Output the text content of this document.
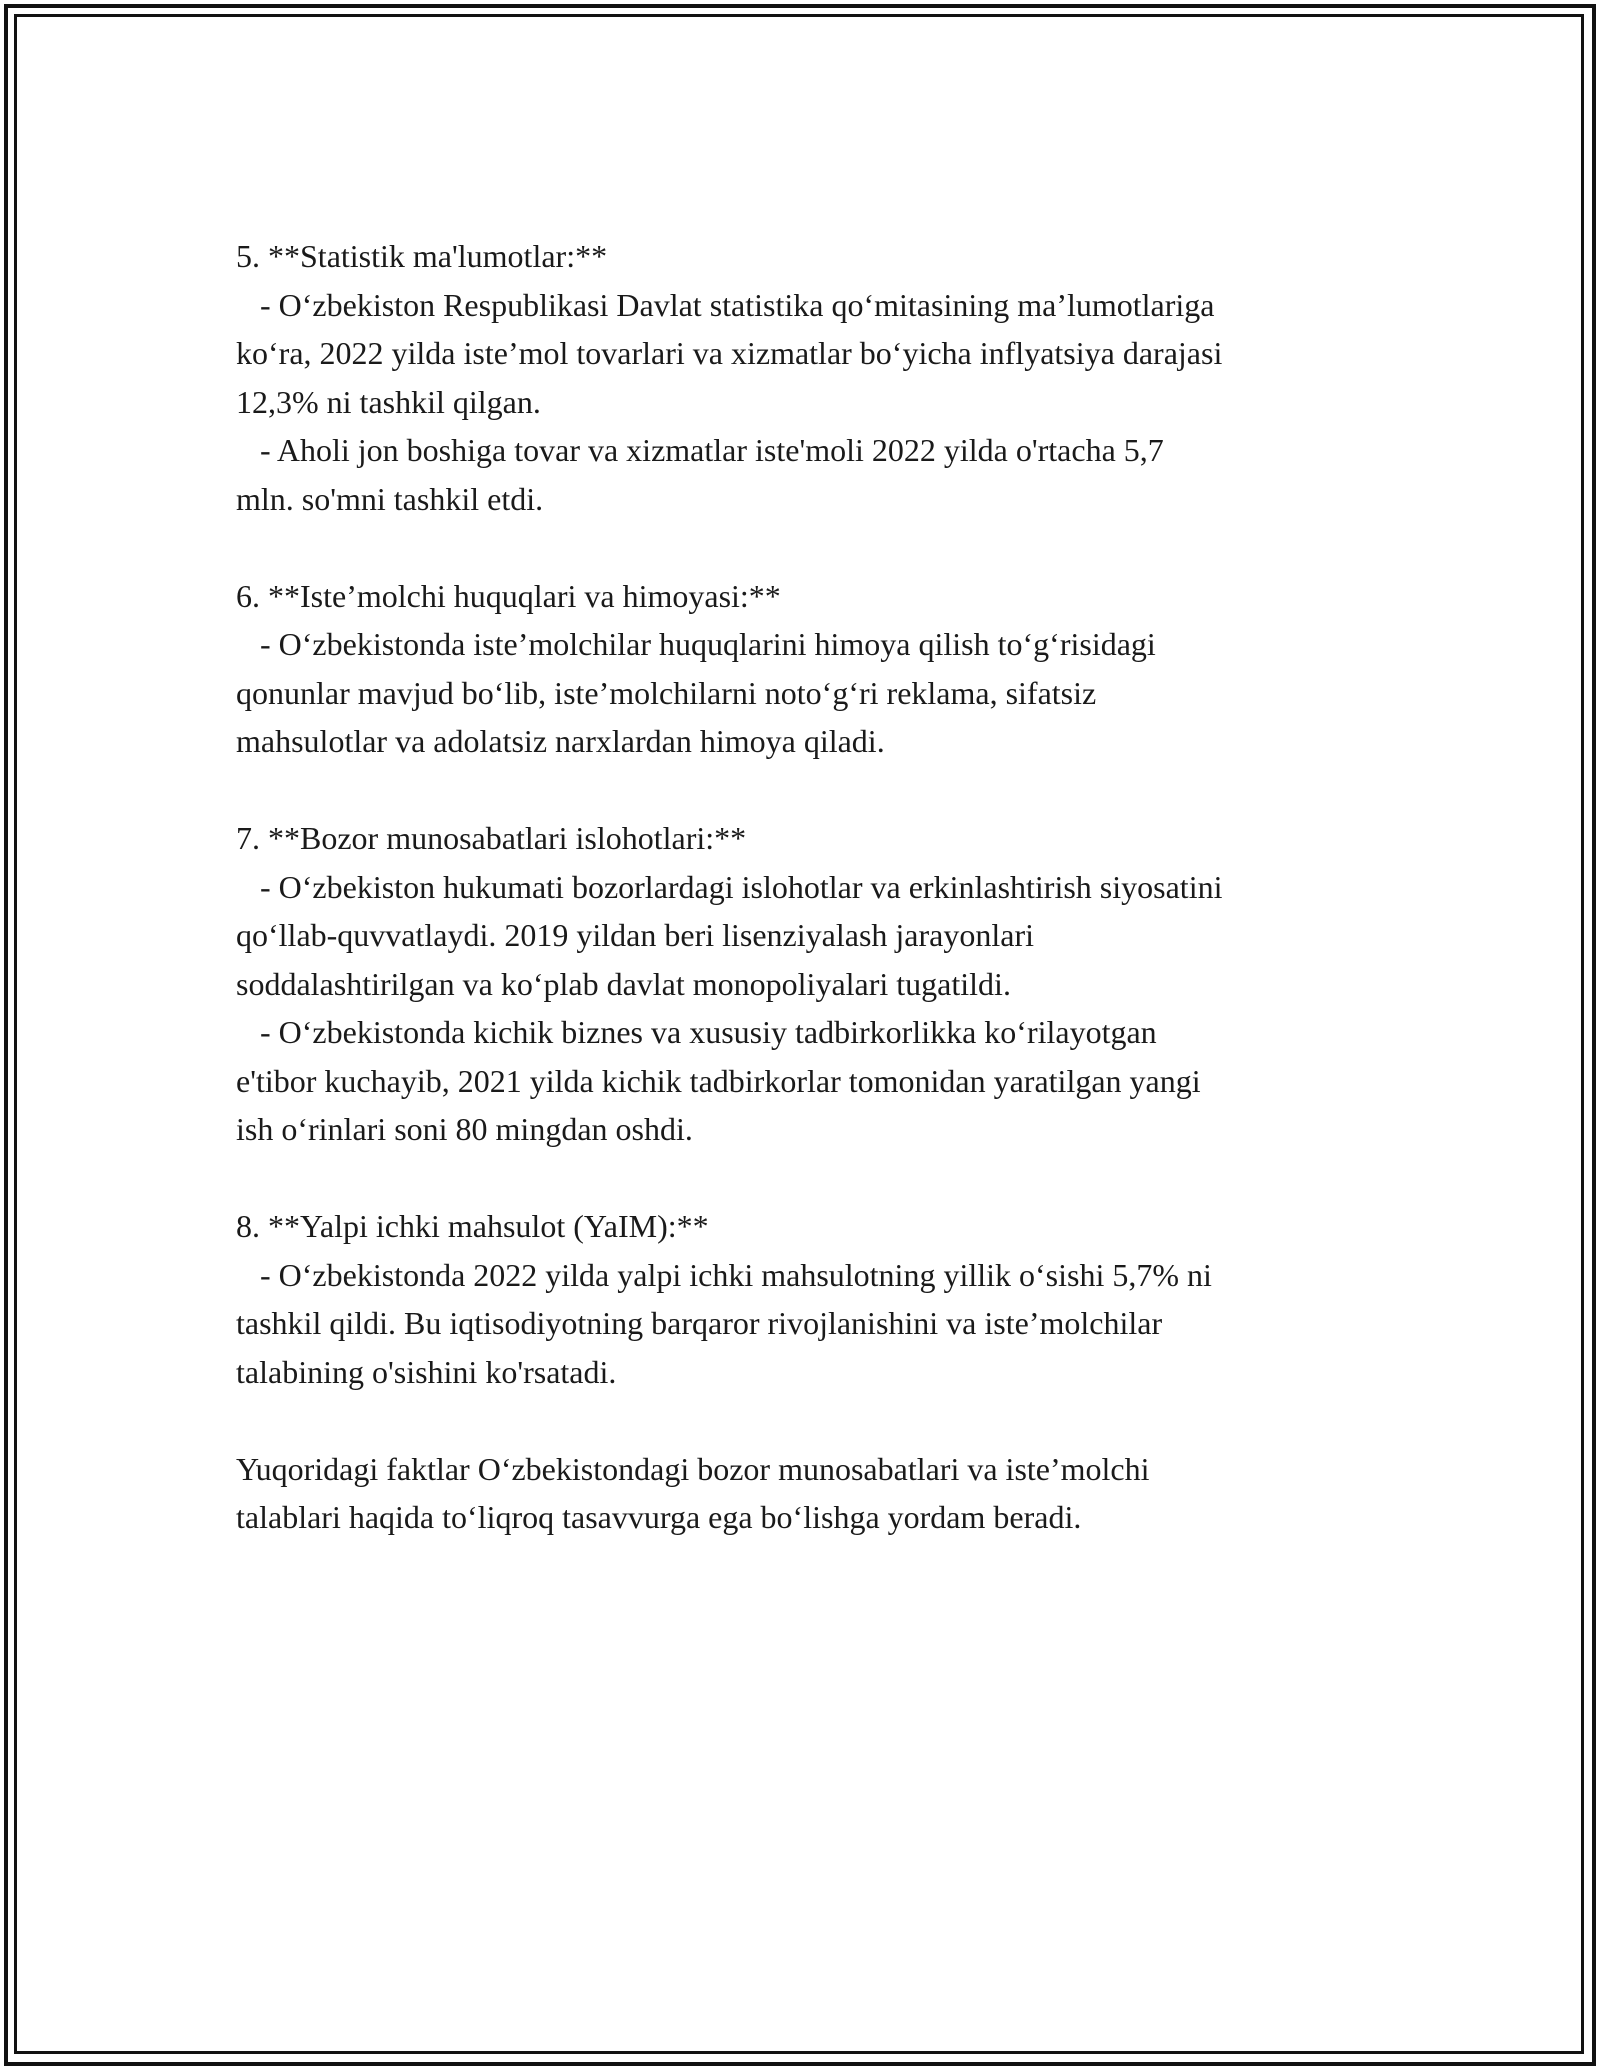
5. **Statistik ma'lumotlar:**
- O‘zbekiston Respublikasi Davlat statistika qo‘mitasining ma’lumotlariga
ko‘ra, 2022 yilda iste’mol tovarlari va xizmatlar bo‘yicha inflyatsiya darajasi
12,3% ni tashkil qilgan.
- Aholi jon boshiga tovar va xizmatlar iste'moli 2022 yilda o'rtacha 5,7
mln. so'mni tashkil etdi.
6. **Iste’molchi huquqlari va himoyasi:**
- O‘zbekistonda iste’molchilar huquqlarini himoya qilish to‘g‘risidagi
qonunlar mavjud bo‘lib, iste’molchilarni noto‘g‘ri reklama, sifatsiz
mahsulotlar va adolatsiz narxlardan himoya qiladi.
7. **Bozor munosabatlari islohotlari:**
- O‘zbekiston hukumati bozorlardagi islohotlar va erkinlashtirish siyosatini
qo‘llab-quvvatlaydi. 2019 yildan beri lisenziyalash jarayonlari
soddalashtirilgan va ko‘plab davlat monopoliyalari tugatildi.
- O‘zbekistonda kichik biznes va xususiy tadbirkorlikka ko‘rilayotgan
e'tibor kuchayib, 2021 yilda kichik tadbirkorlar tomonidan yaratilgan yangi
ish o‘rinlari soni 80 mingdan oshdi.
8. **Yalpi ichki mahsulot (YaIM):**
- O‘zbekistonda 2022 yilda yalpi ichki mahsulotning yillik o‘sishi 5,7% ni
tashkil qildi. Bu iqtisodiyotning barqaror rivojlanishini va iste’molchilar
talabining o'sishini ko'rsatadi.
Yuqoridagi faktlar O‘zbekistondagi bozor munosabatlari va iste’molchi
talablari haqida to‘liqroq tasavvurga ega bo‘lishga yordam beradi.
